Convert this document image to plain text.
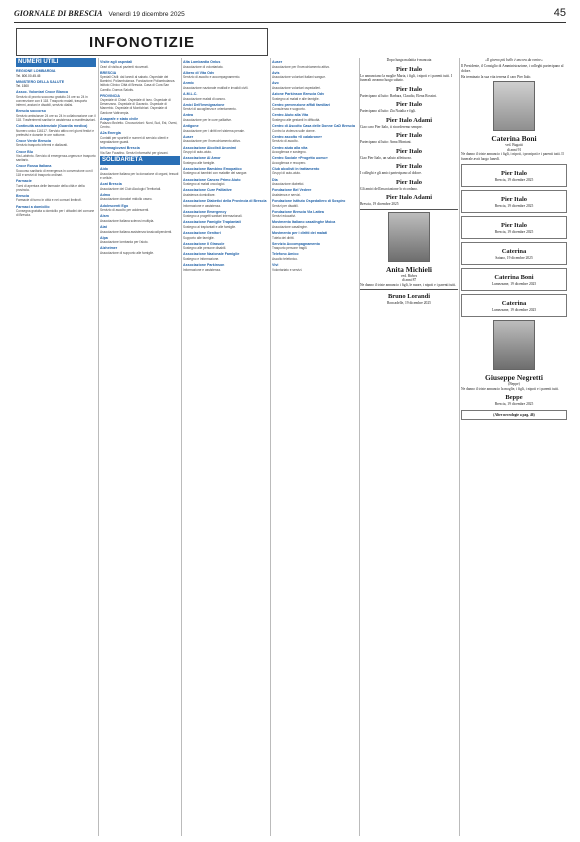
GIORNALE DI BRESCIA Venerdì 19 dicembre 2025	45
INFONOTIZIE
NUMERI UTILI
REGIONE LOMBARDIA

Tel. 800.00.45.45

MINISTERO DELLA SALUTE

Tel. 1500

Assoc. Volontari Croce Bianca

Servizio di pronto soccorso gratuito 24 ore su 24 in convenzione con il 118. Trasporto malati, trasporto infermi, anziani e disabili, servizio dialisi.

Brescia soccorso

Servizio ambulanze 24 ore su 24 in collaborazione con il 118. Trasferimenti sanitari e assistenza a manifestazioni.

Continuità assistenziale (Guardia medica)

Numero unico 116117. Servizio attivo nei giorni festivi e prefestivi e durante le ore notturne.

Croce Verde Brescia

Servizio trasporto infermi e dializzati.

Croce Blu

Via Labirinto. Servizio di emergenza-urgenza e trasporto sanitario.

Croce Rossa Italiana

Soccorso sanitario di emergenza in convenzione con il 118 e servizi di trasporto ordinari.

Farmacie

Turni di apertura delle farmacie della città e della provincia.

Brescia

Farmacie di turno in città e nei comuni limitrofi.

Farmaci a domicilio

Consegna gratuita a domicilio per i cittadini del comune di Brescia.

Visite agli ospedali

Orari di visita ai pazienti ricoverati.

BRESCIA

Spedali Civili: dal lunedì al sabato. Ospedale dei Bambini. Poliambulanza. Fondazione Poliambulanza. Istituto Clinico Città di Brescia. Casa di Cura San Camillo. Domus Salutis.

PROVINCIA

Ospedale di Chiari. Ospedale di Iseo. Ospedale di Desenzano. Ospedale di Gavardo. Ospedale di Manerbio. Ospedale di Montichiari. Ospedale di Gardone Valtrompia.

Anagrafe e stato civile

Palazzo Broletto. Circoscrizioni: Nord, Sud, Est, Ovest, Centro.

A2a Energia

Contatti per sportelli e numeri di servizio clienti e segnalazione guasti.

Informagiovani Brescia

Via San Faustino. Servizi informativi per giovani.

SOLIDARIETÀ
Aido

Associazione italiana per la donazione di organi, tessuti e cellule.

Acat Brescia

Associazione dei Club Alcologici Territoriali.

Admo

Associazione donatori midollo osseo.

Adolescenti Ego

Servizio di ascolto per adolescenti.

Aism

Associazione italiana sclerosi multipla.

Aiat

Associazione italiana assistenza tossicodipendenti.

Alpa

Associazione lombarda per l'aiuto.

Alzheimer

Associazione di supporto alle famiglie.

Alta Lombardia Onlus

Associazione di volontariato.

Albero di Vita Odv

Servizio di ascolto e accompagnamento.

Anmic

Associazione nazionale mutilati e invalidi civili.

A.M.L.C.

Associazione malati di cancro.

Amici Dell'Immigrazione

Servizi di accoglienza e orientamento.

Antea

Associazione per le cure palliative.

Antigone

Associazione per i diritti nel sistema penale.

Auser

Associazione per l'invecchiamento attivo.

Associazione Alcolisti Anonimi

Gruppi di auto-aiuto.

Associazione Al Amor

Sostegno alle famiglie.

Associazione Bambino Emopatico

Sostegno ai bambini con malattie del sangue.

Associazione Cancro Primo Aiuto

Sostegno ai malati oncologici.

Associazione Cure Palliative

Assistenza domiciliare.

Associazione Diabetici della Provincia di Brescia

Informazione e assistenza.

Associazione Emergency

Sostegno a progetti sanitari internazionali.

Associazione Famiglie Trapiantati

Sostegno ai trapiantati e alle famiglie.

Associazione Genitori

Supporto alle famiglie.

Associazione Il Girasole

Sostegno alle persone disabili.

Associazione Nazionale Famiglie

Sostegno e informazione.

Associazione Parkinson

Informazione e assistenza.

Auser

Associazione per l'invecchiamento attivo.

Avis

Associazione volontari italiani sangue.

Avo

Associazione volontari ospedalieri.

Azione Parkinson Brescia Odv

Sostegno ai malati e alle famiglie.

Centro prevenzione affidi familiari

Consulenza e supporto.

Centro Aiuto alla Vita

Sostegno alle gestanti in difficoltà.

Centro di Ascolto Casa delle Donne CaD Brescia

Contro la violenza sulle donne.

Centro ascolto «Il calabrone»

Servizio di ascolto.

Centro aiuto alla vita

Accoglienza e sostegno.

Centro Sociale «Progetto uomo»

Accoglienza e recupero.

Club alcolisti in trattamento

Gruppi di auto-aiuto.

Dia

Associazione diabetici.

Fondazione Bel Vedere

Assistenza e servizi.

Fondazione Istituto Ospedaliero di Sospiro

Servizi per disabili.

Fondazione Brescia Via Lattea

Servizi educativi.

Movimento Italiano casalinghe Moica

Associazione casalinghe.

Movimento per i diritti dei malati

Tutela dei diritti.

Servizio Accompagnamento

Trasporto persone fragili.

Telefono Amico

Ascolto telefonico.

Vivi

Volontariato e servizi.

Dopo lunga malattia è mancata

Pier Italo

Lo annunciano la moglie Maria, i figli, i nipoti e i parenti tutti. I funerali avranno luogo sabato.

Pier Italo

Partecipano al lutto: Barbara, Claudio, Elena Rossini.

Pier Italo

Partecipano al lutto: Zia Natalia e figli.

Pier Italo Adami

Ciao caro Pier Italo, ti ricorderemo sempre.

Pier Italo

Partecipano al lutto: Anna Montani.

Pier Italo

Ciao Pier Italo, un saluto affettuoso.

Pier Italo

I colleghi e gli amici partecipano al dolore.

Pier Italo

Gli amici dell'associazione lo ricordano.

Pier Italo Adami

Brescia, 19 dicembre 2025

Anita Michieli
ved. Birbes
di anni 87

Ne danno il triste annuncio i figli, le nuore, i nipoti e i parenti tutti.

Bruno Lorandi

Roncadelle, 19 dicembre 2025

«Il giorno più bello è ancora da venire»

Il Presidente, il Consiglio di Amministrazione, i colleghi partecipano al dolore.

Ha terminato la sua vita terrena il caro Pier Italo.

Caterina Boni
ved. Bugatti
di anni 91

Ne danno il triste annuncio i figli, i nipoti, i pronipoti e i parenti tutti. Il funerale avrà luogo lunedì.

Pier Italo

Brescia, 19 dicembre 2025

Pier Italo

Brescia, 19 dicembre 2025

Pier Italo

Brescia, 19 dicembre 2025

Caterina

Saiano, 19 dicembre 2025

Caterina Boni

Lumezzane, 19 dicembre 2025

Caterina

Lumezzane, 19 dicembre 2025

Giuseppe Negretti
(Beppe)

Ne danno il triste annuncio la moglie, i figli, i nipoti e i parenti tutti.

Beppe

Brescia, 19 dicembre 2025

(Altre necrologie a pag. 46)
